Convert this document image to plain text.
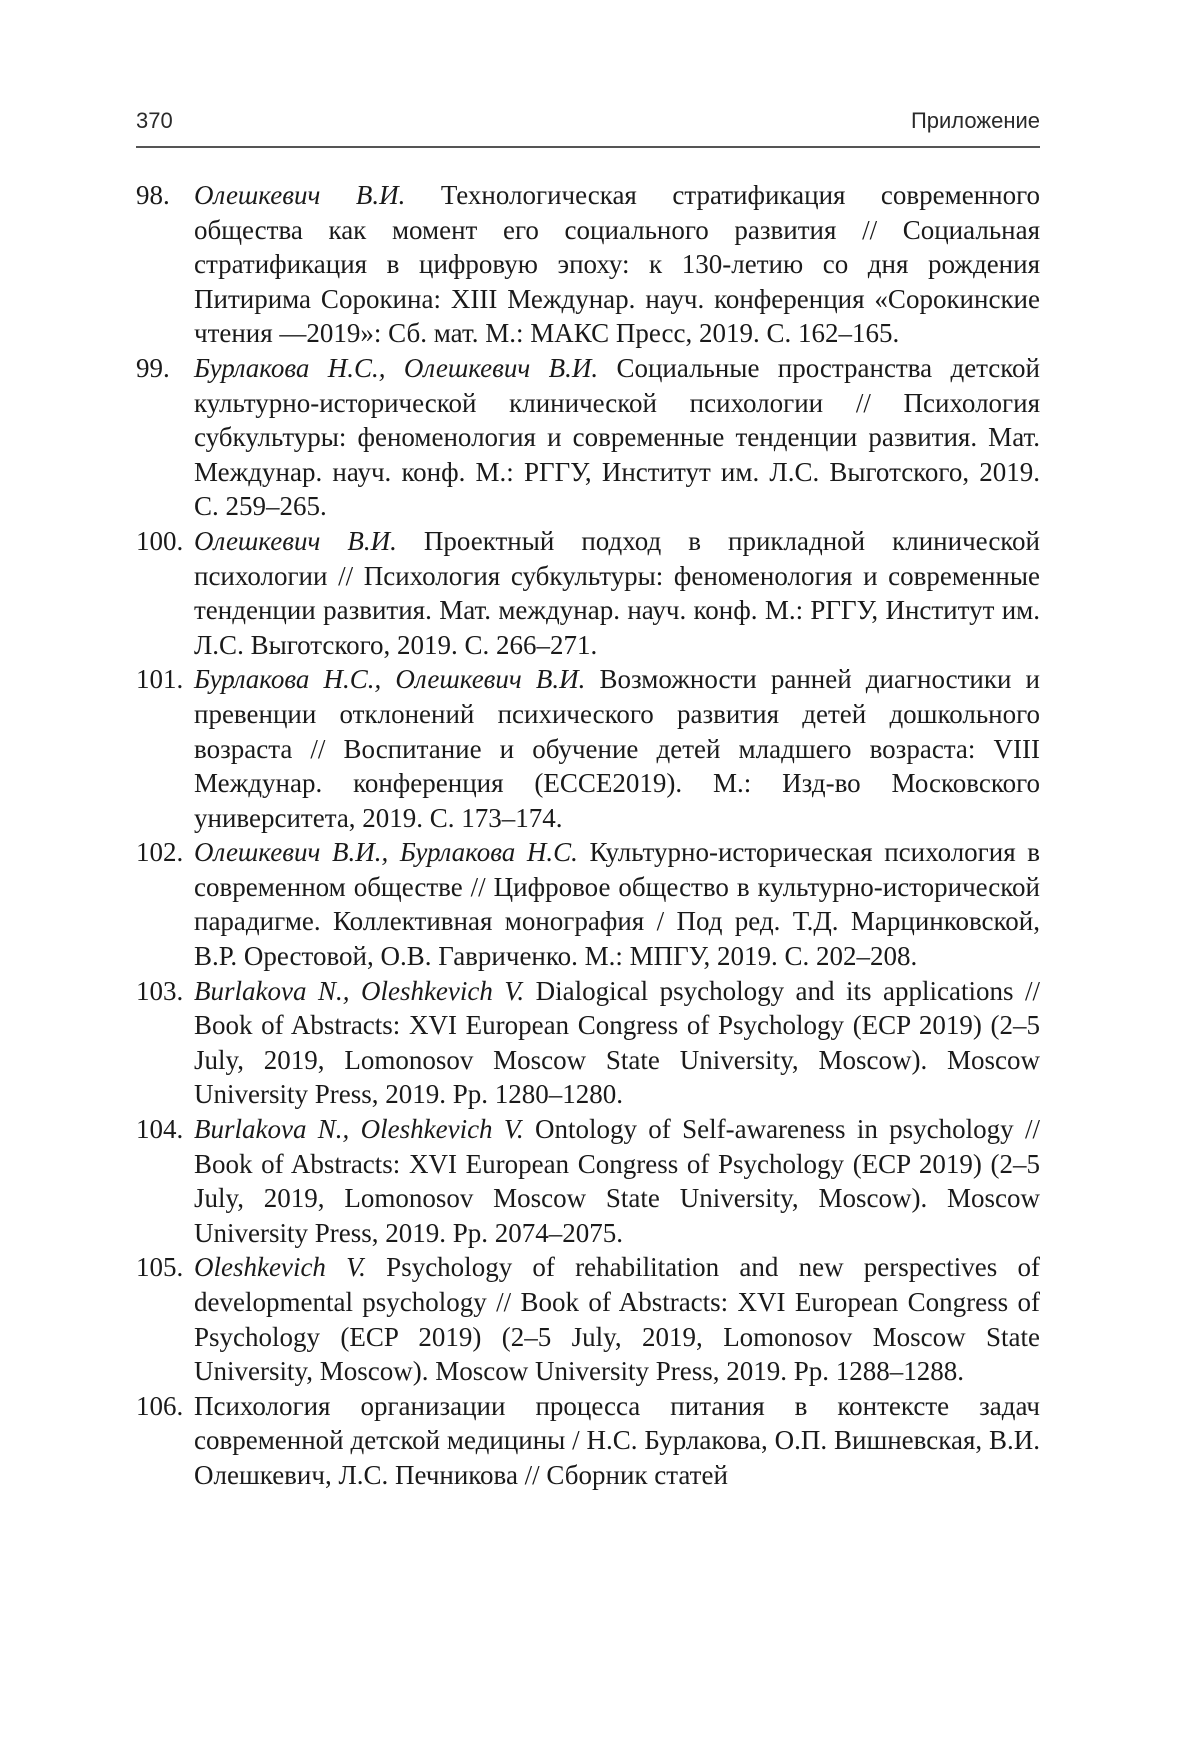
370	Приложение
98. Олешкевич В.И. Технологическая стратификация современного общества как момент его социального развития // Социальная стратификация в цифровую эпоху: к 130-летию со дня рождения Питирима Сорокина: XIII Междунар. науч. конференция «Сорокинские чтения —2019»: Сб. мат. М.: МАКС Пресс, 2019. С. 162–165.
99. Бурлакова Н.С., Олешкевич В.И. Социальные пространства детской культурно-исторической клинической психологии // Психология субкультуры: феноменология и современные тенденции развития. Мат. Междунар. науч. конф. М.: РГГУ, Институт им. Л.С. Выготского, 2019. С. 259–265.
100. Олешкевич В.И. Проектный подход в прикладной клинической психологии // Психология субкультуры: феноменология и современные тенденции развития. Мат. междунар. науч. конф. М.: РГГУ, Институт им. Л.С. Выготского, 2019. С. 266–271.
101. Бурлакова Н.С., Олешкевич В.И. Возможности ранней диагностики и превенции отклонений психического развития детей дошкольного возраста // Воспитание и обучение детей младшего возраста: VIII Междунар. конференция (ECCE2019). М.: Изд-во Московского университета, 2019. С. 173–174.
102. Олешкевич В.И., Бурлакова Н.С. Культурно-историческая психология в современном обществе // Цифровое общество в культурно-исторической парадигме. Коллективная монография / Под ред. Т.Д. Марцинковской, В.Р. Орестовой, О.В. Гавриченко. М.: МПГУ, 2019. С. 202–208.
103. Burlakova N., Oleshkevich V. Dialogical psychology and its applications // Book of Abstracts: XVI European Congress of Psychology (ECP 2019) (2–5 July, 2019, Lomonosov Moscow State University, Moscow). Moscow University Press, 2019. Pp. 1280–1280.
104. Burlakova N., Oleshkevich V. Ontology of Self-awareness in psychology // Book of Abstracts: XVI European Congress of Psychology (ECP 2019) (2–5 July, 2019, Lomonosov Moscow State University, Moscow). Moscow University Press, 2019. Pp. 2074–2075.
105. Oleshkevich V. Psychology of rehabilitation and new perspectives of developmental psychology // Book of Abstracts: XVI European Congress of Psychology (ECP 2019) (2–5 July, 2019, Lomonosov Moscow State University, Moscow). Moscow University Press, 2019. Pp. 1288–1288.
106. Психология организации процесса питания в контексте задач современной детской медицины / Н.С. Бурлакова, О.П. Вишневская, В.И. Олешкевич, Л.С. Печникова // Сборник статей
